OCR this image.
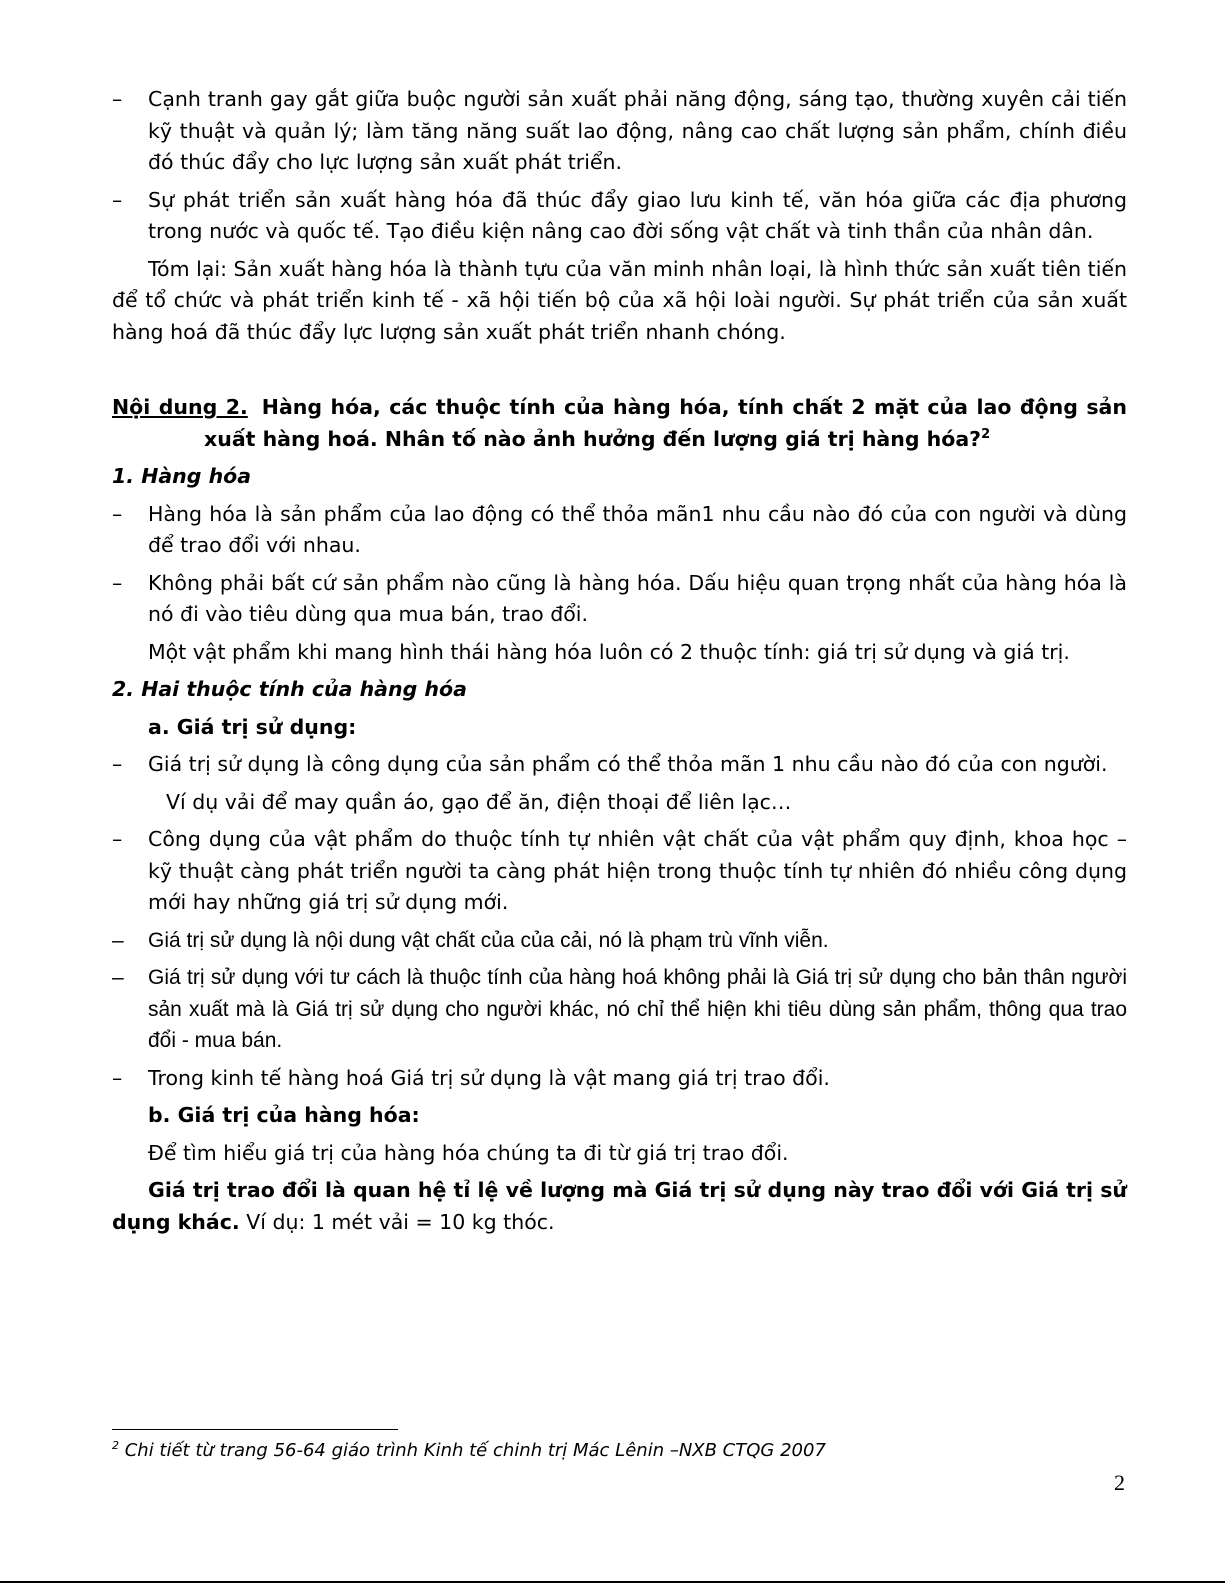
– Cạnh tranh gay gắt giữa buộc người sản xuất phải năng động, sáng tạo, thường xuyên cải tiến kỹ thuật và quản lý; làm tăng năng suất lao động, nâng cao chất lượng sản phẩm, chính điều đó thúc đẩy cho lực lượng sản xuất phát triển.

– Sự phát triển sản xuất hàng hóa đã thúc đẩy giao lưu kinh tế, văn hóa giữa các địa phương trong nước và quốc tế. Tạo điều kiện nâng cao đời sống vật chất và tinh thần của nhân dân.

Tóm lại: Sản xuất hàng hóa là thành tựu của văn minh nhân loại, là hình thức sản xuất tiên tiến để tổ chức và phát triển kinh tế - xã hội tiến bộ của xã hội loài người. Sự phát triển của sản xuất hàng hoá đã thúc đẩy lực lượng sản xuất phát triển nhanh chóng.

Nội dung 2. Hàng hóa, các thuộc tính của hàng hóa, tính chất 2 mặt của lao động sản xuất hàng hoá. Nhân tố nào ảnh hưởng đến lượng giá trị hàng hóa?$^2$

1. Hàng hóa

– Hàng hóa là sản phẩm của lao động có thể thỏa mãn1 nhu cầu nào đó của con người và dùng để trao đổi với nhau.

– Không phải bất cứ sản phẩm nào cũng là hàng hóa. Dấu hiệu quan trọng nhất của hàng hóa là nó đi vào tiêu dùng qua mua bán, trao đổi.

Một vật phẩm khi mang hình thái hàng hóa luôn có 2 thuộc tính: giá trị sử dụng và giá trị.

2. Hai thuộc tính của hàng hóa

a. Giá trị sử dụng:

– Giá trị sử dụng là công dụng của sản phẩm có thể thỏa mãn 1 nhu cầu nào đó của con người.

Ví dụ vải để may quần áo, gạo để ăn, điện thoại để liên lạc…

– Công dụng của vật phẩm do thuộc tính tự nhiên vật chất của vật phẩm quy định, khoa học – kỹ thuật càng phát triển người ta càng phát hiện trong thuộc tính tự nhiên đó nhiều công dụng mới hay những giá trị sử dụng mới.

– Giá trị sử dụng là nội dung vật chất của của cải, nó là phạm trù vĩnh viễn.

– Giá trị sử dụng với tư cách là thuộc tính của hàng hoá không phải là Giá trị sử dụng cho bản thân người sản xuất mà là Giá trị sử dụng cho người khác, nó chỉ thể hiện khi tiêu dùng sản phẩm, thông qua trao đổi - mua bán.

– Trong kinh tế hàng hoá Giá trị sử dụng là vật mang giá trị trao đổi.

b. Giá trị của hàng hóa:

Để tìm hiểu giá trị của hàng hóa chúng ta đi từ giá trị trao đổi.

Giá trị trao đổi là quan hệ tỉ lệ về lượng mà Giá trị sử dụng này trao đổi với Giá trị sử dụng khác. Ví dụ: 1 mét vải = 10 kg thóc.

$^2$ Chi tiết từ trang 56-64 giáo trình Kinh tế chinh trị Mác Lênin –NXB CTQG 2007
2
